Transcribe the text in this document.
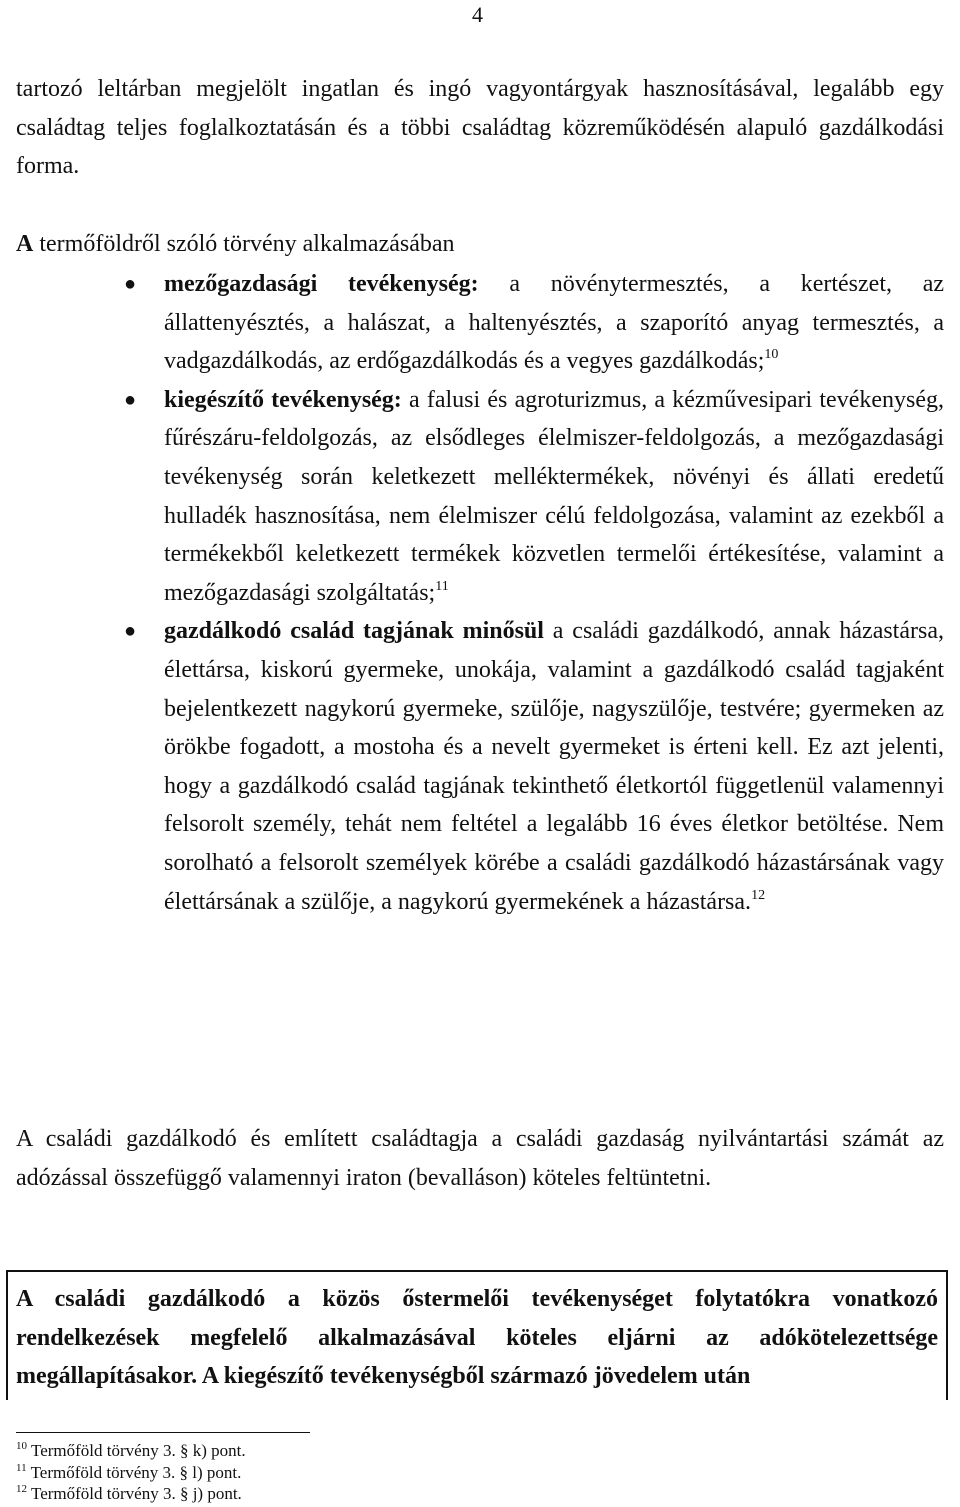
4

tartozó leltárban megjelölt ingatlan és ingó vagyontárgyak hasznosításával, legalább egy családtag teljes foglalkoztatásán és a többi családtag közreműködésén alapuló gazdálkodási forma.

A termőföldről szóló törvény alkalmazásában

● mezőgazdasági tevékenység: a növénytermesztés, a kertészet, az állattenyésztés, a halászat, a haltenyésztés, a szaporító anyag termesztés, a vadgazdálkodás, az erdőgazdálkodás és a vegyes gazdálkodás;$^{10}$
● kiegészítő tevékenység: a falusi és agroturizmus, a kézművesipari tevékenység, fűrészáru-feldolgozás, az elsődleges élelmiszer-feldolgozás, a mezőgazdasági tevékenység során keletkezett melléktermékek, növényi és állati eredetű hulladék hasznosítása, nem élelmiszer célú feldolgozása, valamint az ezekből a termékekből keletkezett termékek közvetlen termelői értékesítése, valamint a mezőgazdasági szolgáltatás;$^{11}$
● gazdálkodó család tagjának minősül a családi gazdálkodó, annak házastársa, élettársa, kiskorú gyermeke, unokája, valamint a gazdálkodó család tagjaként bejelentkezett nagykorú gyermeke, szülője, nagyszülője, testvére; gyermeken az örökbe fogadott, a mostoha és a nevelt gyermeket is érteni kell. Ez azt jelenti, hogy a gazdálkodó család tagjának tekinthető életkortól függetlenül valamennyi felsorolt személy, tehát nem feltétel a legalább 16 éves életkor betöltése. Nem sorolható a felsorolt személyek körébe a családi gazdálkodó házastársának vagy élettársának a szülője, a nagykorú gyermekének a házastársa.$^{12}$

A családi gazdálkodó és említett családtagja a családi gazdaság nyilvántartási számát az adózással összefüggő valamennyi iraton (bevalláson) köteles feltüntetni.

A családi gazdálkodó a közös őstermelői tevékenységet folytatókra vonatkozó rendelkezések megfelelő alkalmazásával köteles eljárni az adókötelezettsége megállapításakor. A kiegészítő tevékenységből származó jövedelem után
$^{10}$ Termőföld törvény 3. § k) pont.
$^{11}$ Termőföld törvény 3. § l) pont.
$^{12}$ Termőföld törvény 3. § j) pont.
